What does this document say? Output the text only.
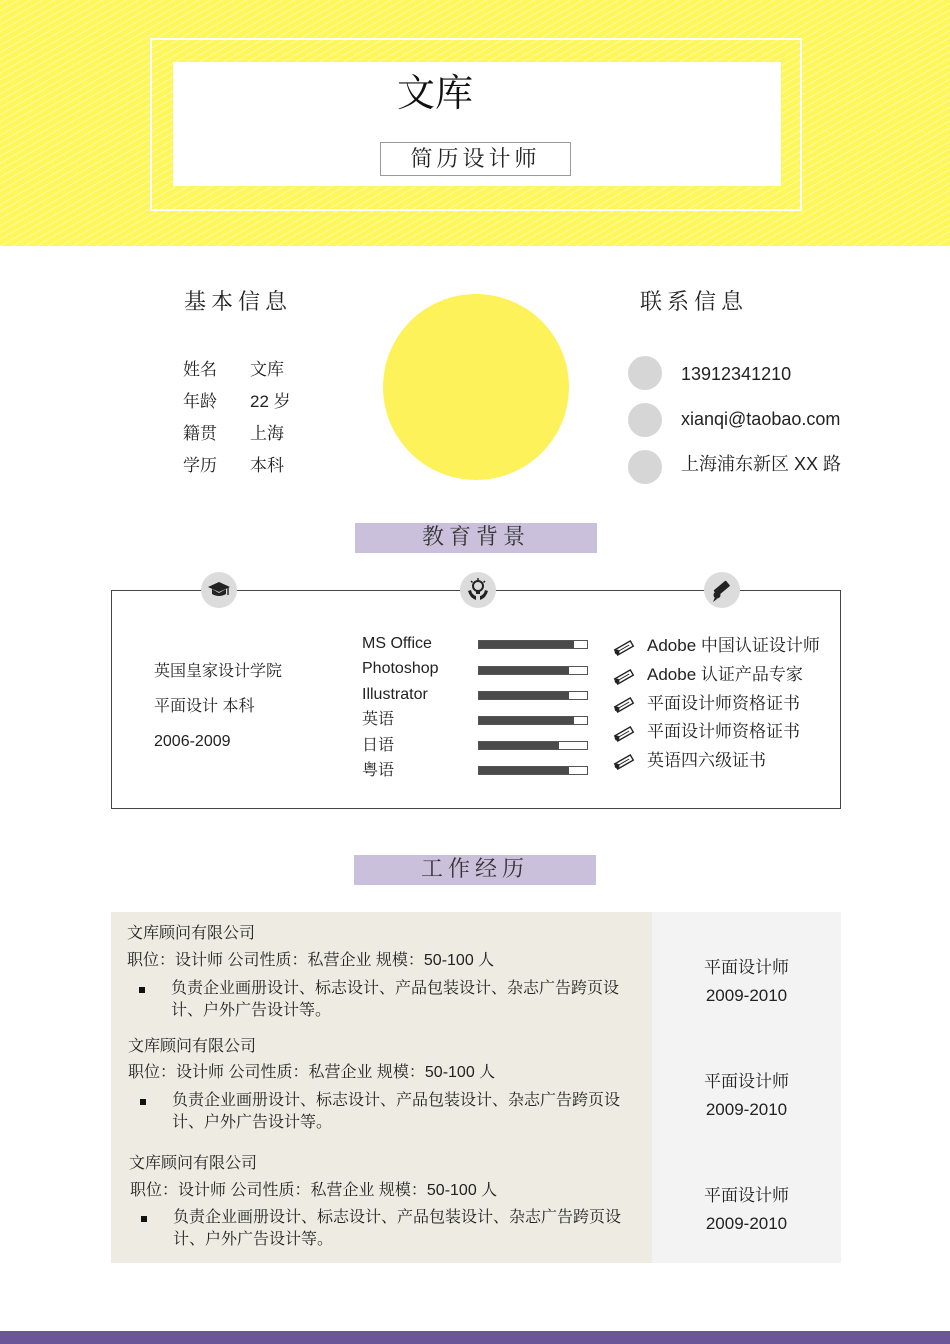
文库
简历设计师
基本信息
姓名 文库
年龄 22 岁
籍贯 上海
学历 本科
联系信息
13912341210
xianqi@taobao.com
上海浦东新区 XX 路
教育背景
英国皇家设计学院
平面设计 本科
2006-2009
MS Office
Photoshop
Illustrator
英语
日语
粤语
Adobe 中国认证设计师
Adobe 认证产品专家
平面设计师资格证书
平面设计师资格证书
英语四六级证书
工作经历
文库顾问有限公司
职位：设计师 公司性质：私营企业 规模：50-100 人
负责企业画册设计、标志设计、产品包装设计、杂志广告跨页设计、户外广告设计等。
平面设计师
2009-2010
文库顾问有限公司
职位：设计师 公司性质：私营企业 规模：50-100 人
负责企业画册设计、标志设计、产品包装设计、杂志广告跨页设计、户外广告设计等。
平面设计师
2009-2010
文库顾问有限公司
职位：设计师 公司性质：私营企业 规模：50-100 人
负责企业画册设计、标志设计、产品包装设计、杂志广告跨页设计、户外广告设计等。
平面设计师
2009-2010
